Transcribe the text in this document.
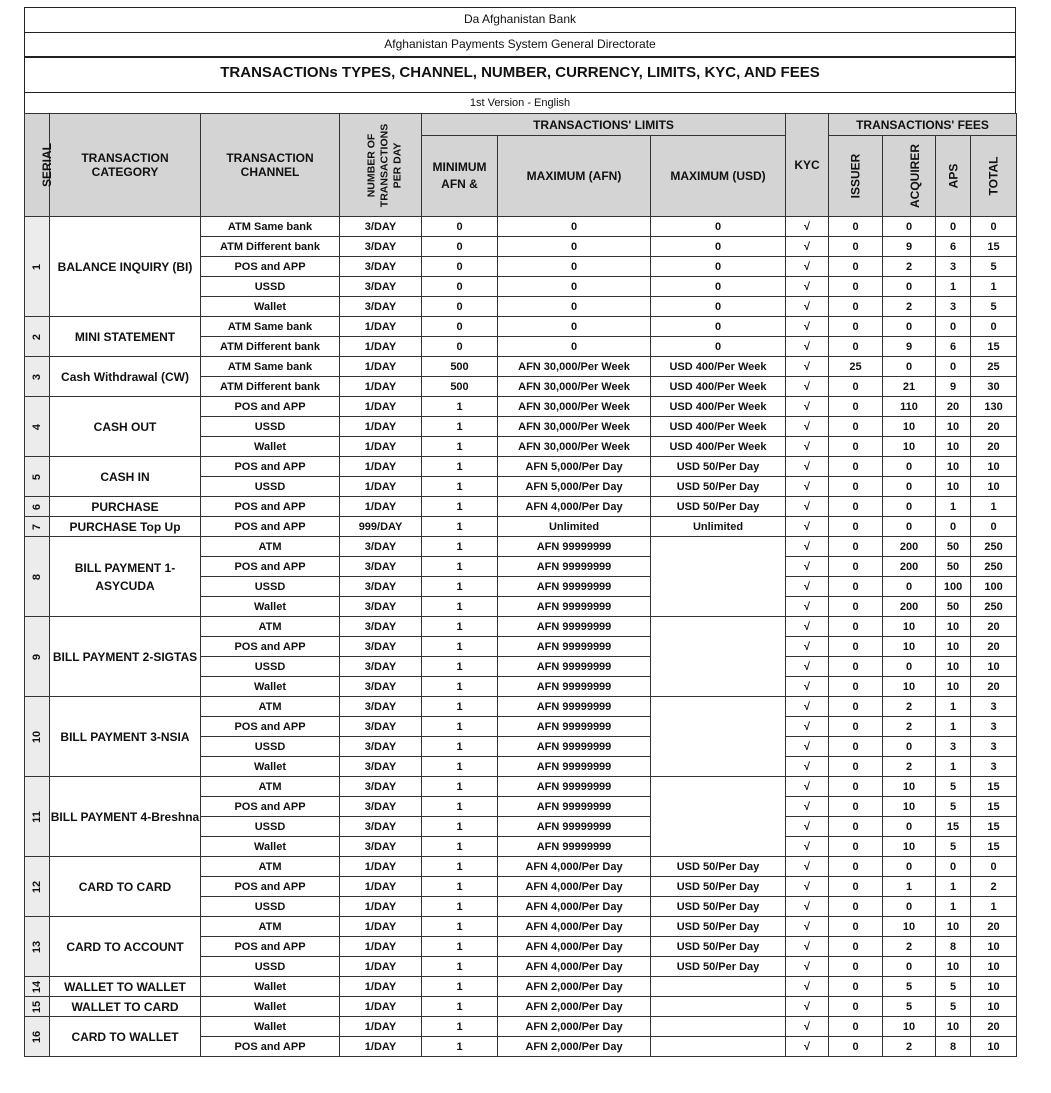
Da Afghanistan Bank
Afghanistan Payments System General Directorate
TRANSACTIONs TYPES, CHANNEL, NUMBER, CURRENCY, LIMITS, KYC, AND FEES
1st Version - English
SERIAL	TRANSACTION CATEGORY	TRANSACTION CHANNEL	NUMBER OF TRANSACTIONS PER DAY	TRANSACTIONS' LIMITS			KYC	TRANSACTIONS' FEES			
				MINIMUM AFN &	MAXIMUM (AFN)	MAXIMUM (USD)		ISSUER	ACQUIRER	APS	TOTAL
1	BALANCE INQUIRY (BI)	ATM Same bank	3/DAY	0	0	0	√	0	0	0	0
		ATM Different bank	3/DAY	0	0	0	√	0	9	6	15
		POS and APP	3/DAY	0	0	0	√	0	2	3	5
		USSD	3/DAY	0	0	0	√	0	0	1	1
		Wallet	3/DAY	0	0	0	√	0	2	3	5
2	MINI STATEMENT	ATM Same bank	1/DAY	0	0	0	√	0	0	0	0
		ATM Different bank	1/DAY	0	0	0	√	0	9	6	15
3	Cash Withdrawal (CW)	ATM Same bank	1/DAY	500	AFN 30,000/Per Week	USD 400/Per Week	√	25	0	0	25
		ATM Different bank	1/DAY	500	AFN 30,000/Per Week	USD 400/Per Week	√	0	21	9	30
4	CASH OUT	POS and APP	1/DAY	1	AFN 30,000/Per Week	USD 400/Per Week	√	0	110	20	130
		USSD	1/DAY	1	AFN 30,000/Per Week	USD 400/Per Week	√	0	10	10	20
		Wallet	1/DAY	1	AFN 30,000/Per Week	USD 400/Per Week	√	0	10	10	20
5	CASH IN	POS and APP	1/DAY	1	AFN 5,000/Per Day	USD 50/Per Day	√	0	0	10	10
		USSD	1/DAY	1	AFN 5,000/Per Day	USD 50/Per Day	√	0	0	10	10
6	PURCHASE	POS and APP	1/DAY	1	AFN 4,000/Per Day	USD 50/Per Day	√	0	0	1	1
7	PURCHASE Top Up	POS and APP	999/DAY	1	Unlimited	Unlimited	√	0	0	0	0
8	BILL PAYMENT 1- ASYCUDA	ATM	3/DAY	1	AFN 99999999		√	0	200	50	250
		POS and APP	3/DAY	1	AFN 99999999		√	0	200	50	250
		USSD	3/DAY	1	AFN 99999999		√	0	0	100	100
		Wallet	3/DAY	1	AFN 99999999		√	0	200	50	250
9	BILL PAYMENT 2-SIGTAS	ATM	3/DAY	1	AFN 99999999		√	0	10	10	20
		POS and APP	3/DAY	1	AFN 99999999		√	0	10	10	20
		USSD	3/DAY	1	AFN 99999999		√	0	0	10	10
		Wallet	3/DAY	1	AFN 99999999		√	0	10	10	20
10	BILL PAYMENT 3-NSIA	ATM	3/DAY	1	AFN 99999999		√	0	2	1	3
		POS and APP	3/DAY	1	AFN 99999999		√	0	2	1	3
		USSD	3/DAY	1	AFN 99999999		√	0	0	3	3
		Wallet	3/DAY	1	AFN 99999999		√	0	2	1	3
11	BILL PAYMENT 4-Breshna	ATM	3/DAY	1	AFN 99999999		√	0	10	5	15
		POS and APP	3/DAY	1	AFN 99999999		√	0	10	5	15
		USSD	3/DAY	1	AFN 99999999		√	0	0	15	15
		Wallet	3/DAY	1	AFN 99999999		√	0	10	5	15
12	CARD TO CARD	ATM	1/DAY	1	AFN 4,000/Per Day	USD 50/Per Day	√	0	0	0	0
		POS and APP	1/DAY	1	AFN 4,000/Per Day	USD 50/Per Day	√	0	1	1	2
		USSD	1/DAY	1	AFN 4,000/Per Day	USD 50/Per Day	√	0	0	1	1
13	CARD TO ACCOUNT	ATM	1/DAY	1	AFN 4,000/Per Day	USD 50/Per Day	√	0	10	10	20
		POS and APP	1/DAY	1	AFN 4,000/Per Day	USD 50/Per Day	√	0	2	8	10
		USSD	1/DAY	1	AFN 4,000/Per Day	USD 50/Per Day	√	0	0	10	10
14	WALLET TO WALLET	Wallet	1/DAY	1	AFN 2,000/Per Day		√	0	5	5	10
15	WALLET TO CARD	Wallet	1/DAY	1	AFN 2,000/Per Day		√	0	5	5	10
16	CARD TO WALLET	Wallet	1/DAY	1	AFN 2,000/Per Day		√	0	10	10	20
		POS and APP	1/DAY	1	AFN 2,000/Per Day		√	0	2	8	10
